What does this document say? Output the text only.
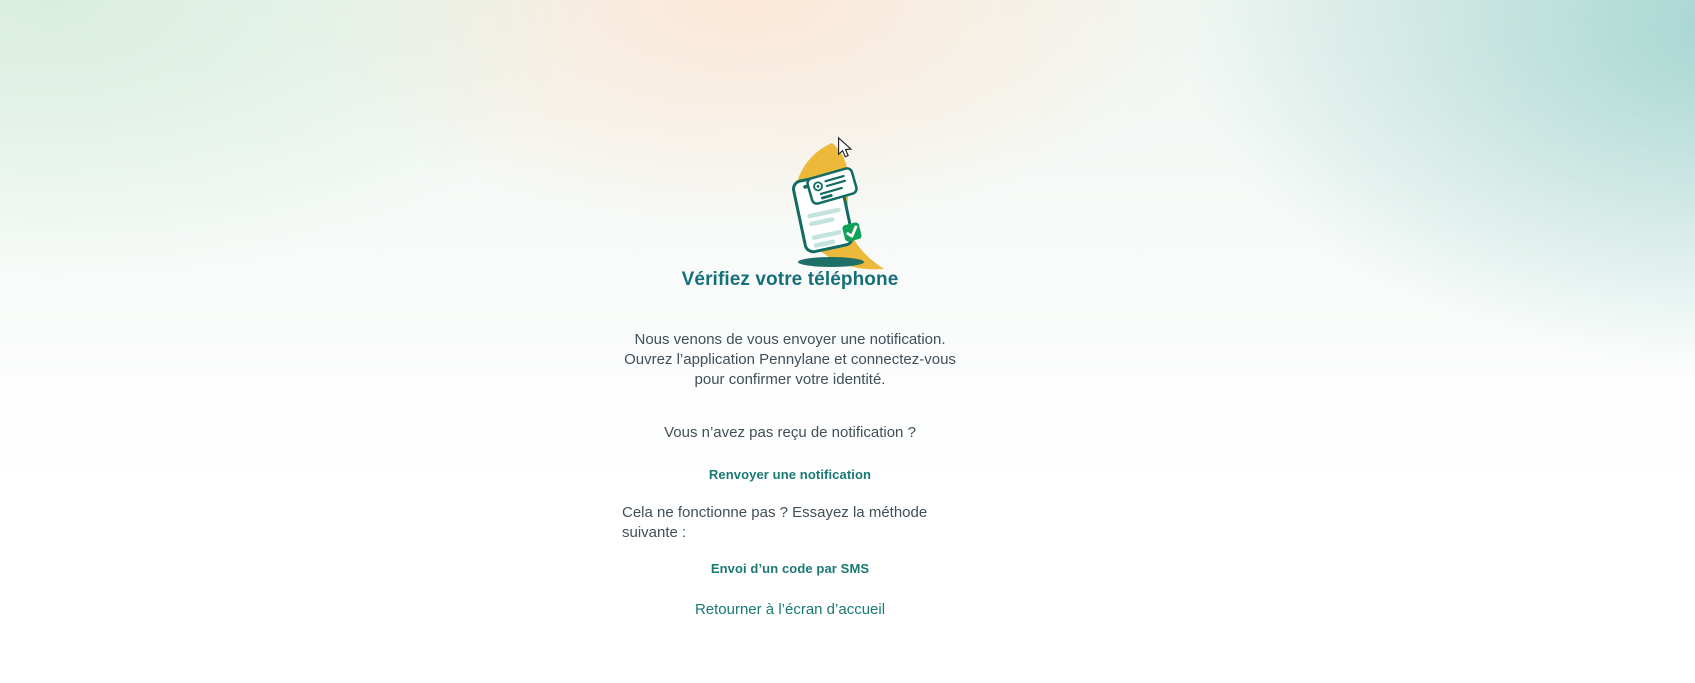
Vérifiez votre téléphone
Nous venons de vous envoyer une notification.
Ouvrez l’application Pennylane et connectez-vous
pour confirmer votre identité.
Vous n’avez pas reçu de notification ?
Renvoyer une notification
Cela ne fonctionne pas ? Essayez la méthode
suivante :
Envoi d’un code par SMS
Retourner à l’écran d’accueil
